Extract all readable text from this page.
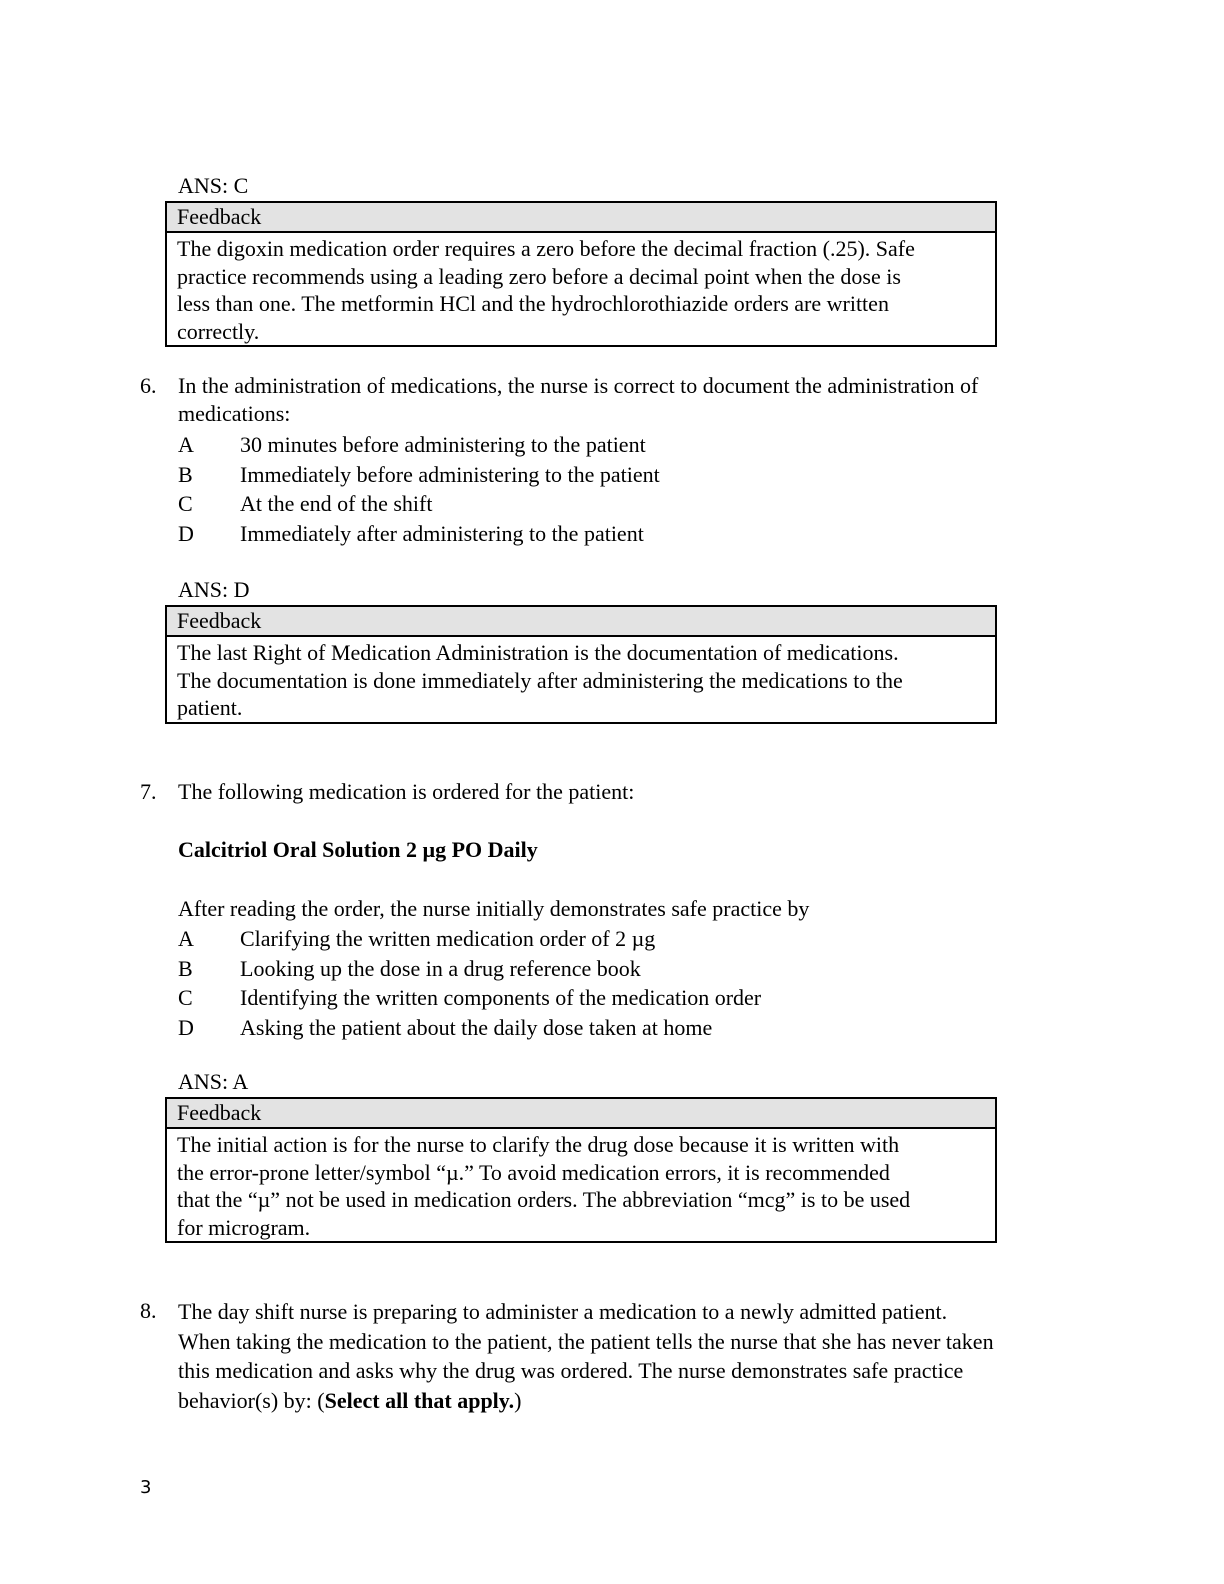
ANS: C
Feedback
The digoxin medication order requires a zero before the decimal fraction (.25). Safe
practice recommends using a leading zero before a decimal point when the dose is
less than one. The metformin HCl and the hydrochlorothiazide orders are written
correctly.
6. In the administration of medications, the nurse is correct to document the administration of
medications:
A	30 minutes before administering to the patient
B	Immediately before administering to the patient
C	At the end of the shift
D	Immediately after administering to the patient
ANS: D
Feedback
The last Right of Medication Administration is the documentation of medications.
The documentation is done immediately after administering the medications to the
patient.
7. The following medication is ordered for the patient:
Calcitriol Oral Solution 2 µg PO Daily
After reading the order, the nurse initially demonstrates safe practice by
A	Clarifying the written medication order of 2 µg
B	Looking up the dose in a drug reference book
C	Identifying the written components of the medication order
D	Asking the patient about the daily dose taken at home
ANS: A
Feedback
The initial action is for the nurse to clarify the drug dose because it is written with
the error-prone letter/symbol “µ.” To avoid medication errors, it is recommended
that the “µ” not be used in medication orders. The abbreviation “mcg” is to be used
for microgram.
8. The day shift nurse is preparing to administer a medication to a newly admitted patient.
When taking the medication to the patient, the patient tells the nurse that she has never taken
this medication and asks why the drug was ordered. The nurse demonstrates safe practice
behavior(s) by: (Select all that apply.)
3
